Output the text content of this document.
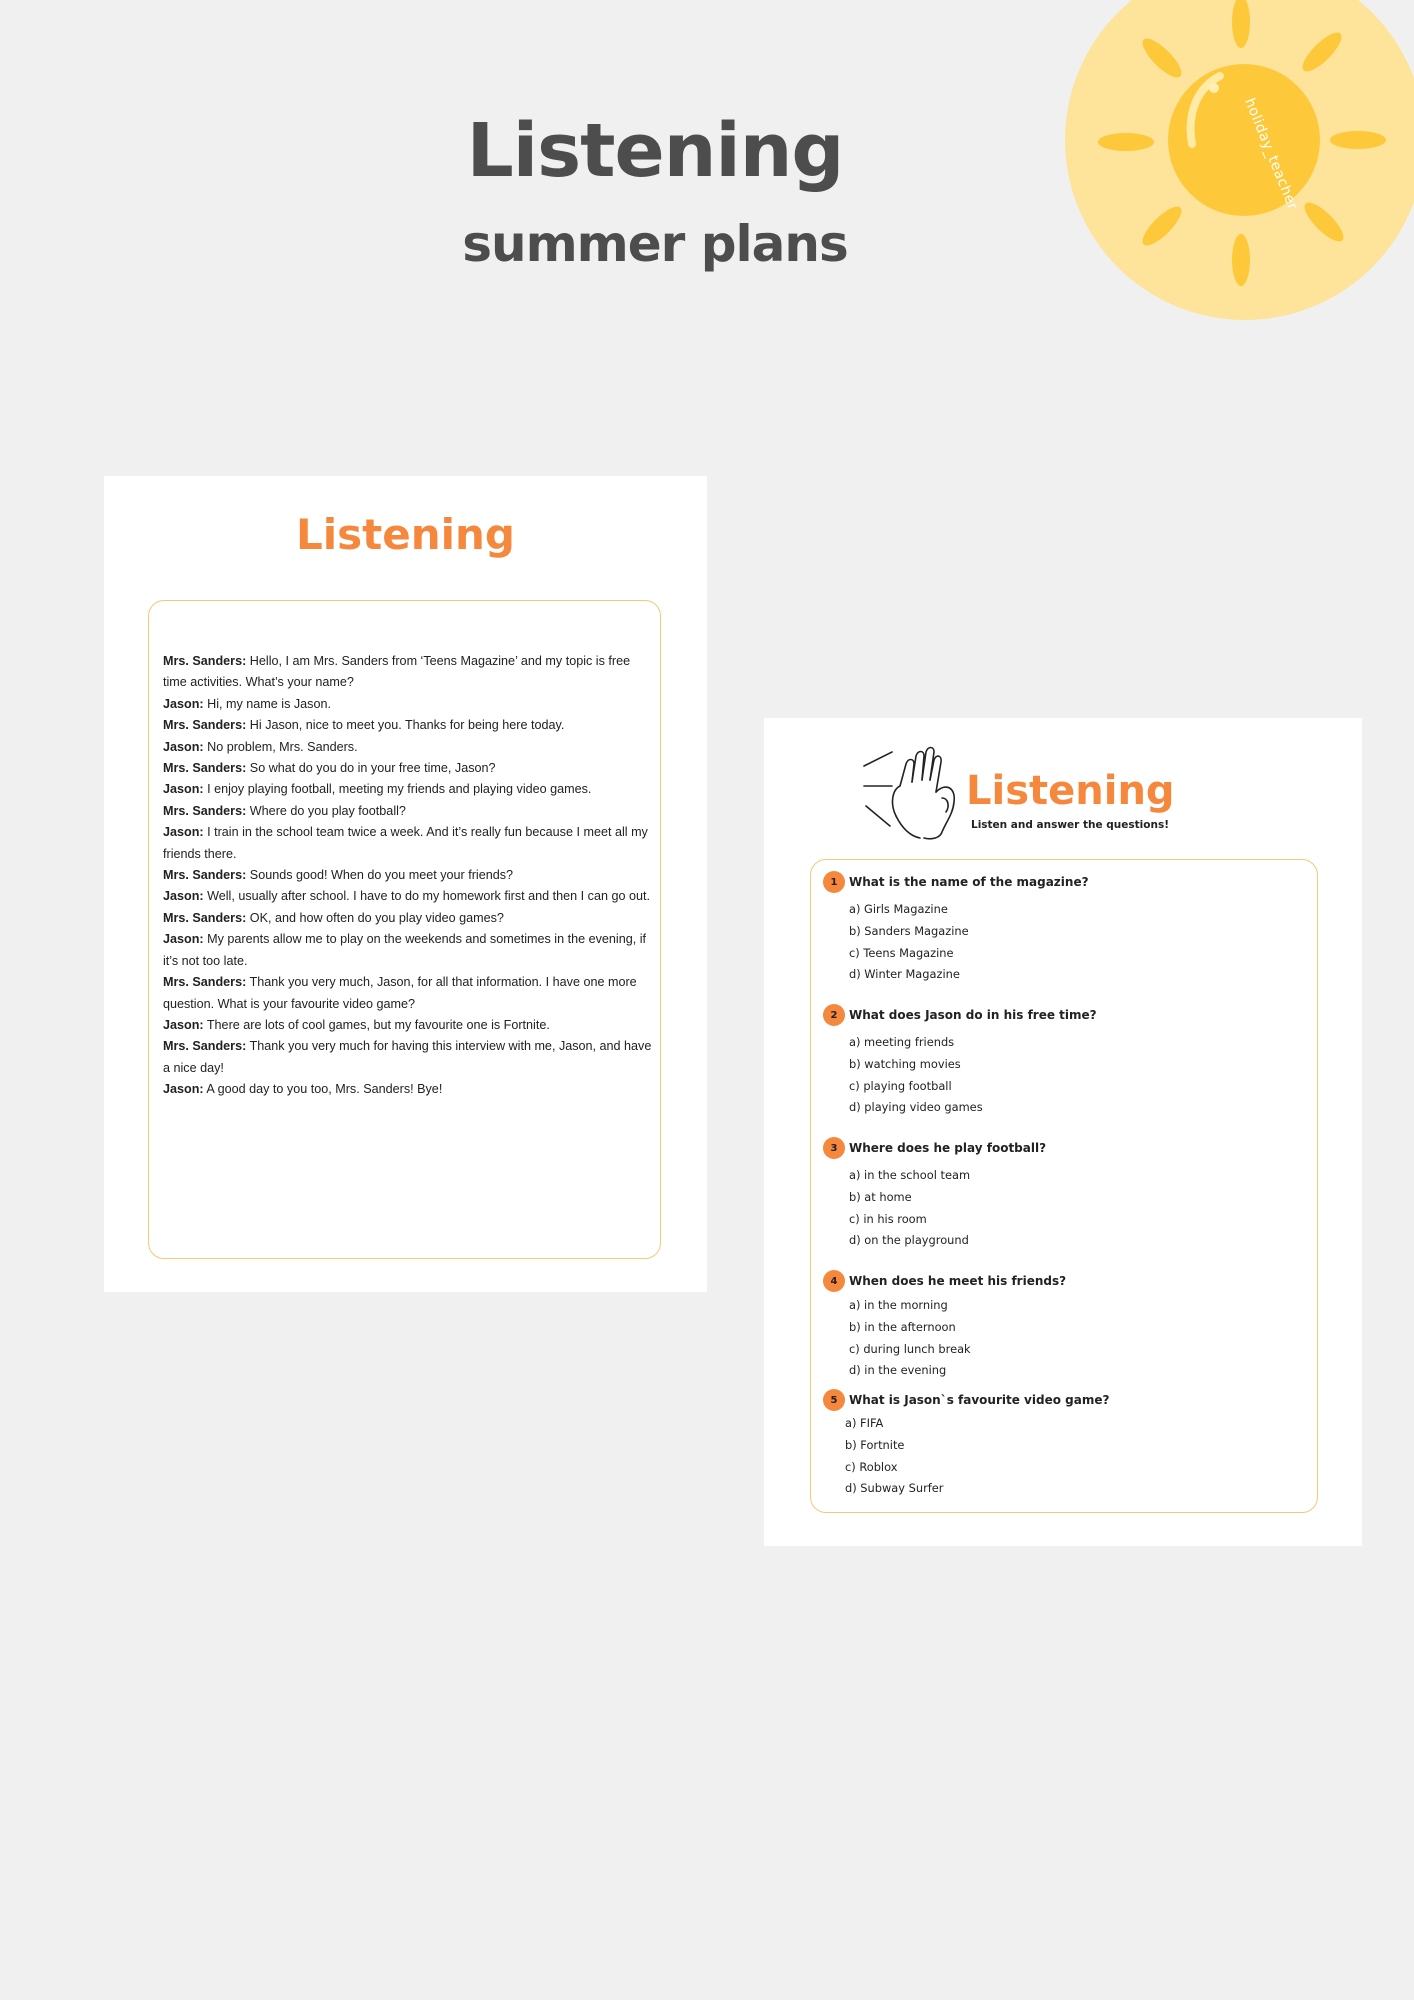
Listening
summer plans
holiday_teacher
Listening

Mrs. Sanders: Hello, I am Mrs. Sanders from ‘Teens Magazine’ and my topic is free time activities. What’s your name?

Jason: Hi, my name is Jason.

Mrs. Sanders: Hi Jason, nice to meet you. Thanks for being here today.

Jason: No problem, Mrs. Sanders.

Mrs. Sanders: So what do you do in your free time, Jason?

Jason: I enjoy playing football, meeting my friends and playing video games.

Mrs. Sanders: Where do you play football?

Jason: I train in the school team twice a week. And it’s really fun because I meet all my friends there.

Mrs. Sanders: Sounds good! When do you meet your friends?

Jason: Well, usually after school. I have to do my homework first and then I can go out.

Mrs. Sanders: OK, and how often do you play video games?

Jason: My parents allow me to play on the weekends and sometimes in the evening, if it’s not too late.

Mrs. Sanders: Thank you very much, Jason, for all that information. I have one more question. What is your favourite video game?

Jason: There are lots of cool games, but my favourite one is Fortnite.

Mrs. Sanders: Thank you very much for having this interview with me, Jason, and have a nice day!

Jason: A good day to you too, Mrs. Sanders! Bye!

Listening
Listen and answer the questions!
1 What is the name of the magazine?
a) Girls Magazine
b) Sanders Magazine
c) Teens Magazine
d) Winter Magazine
2 What does Jason do in his free time?
a) meeting friends
b) watching movies
c) playing football
d) playing video games
3 Where does he play football?
a) in the school team
b) at home
c) in his room
d) on the playground
4 When does he meet his friends?
a) in the morning
b) in the afternoon
c) during lunch break
d) in the evening
5 What is Jason`s favourite video game?
a) FIFA
b) Fortnite
c) Roblox
d) Subway Surfer
